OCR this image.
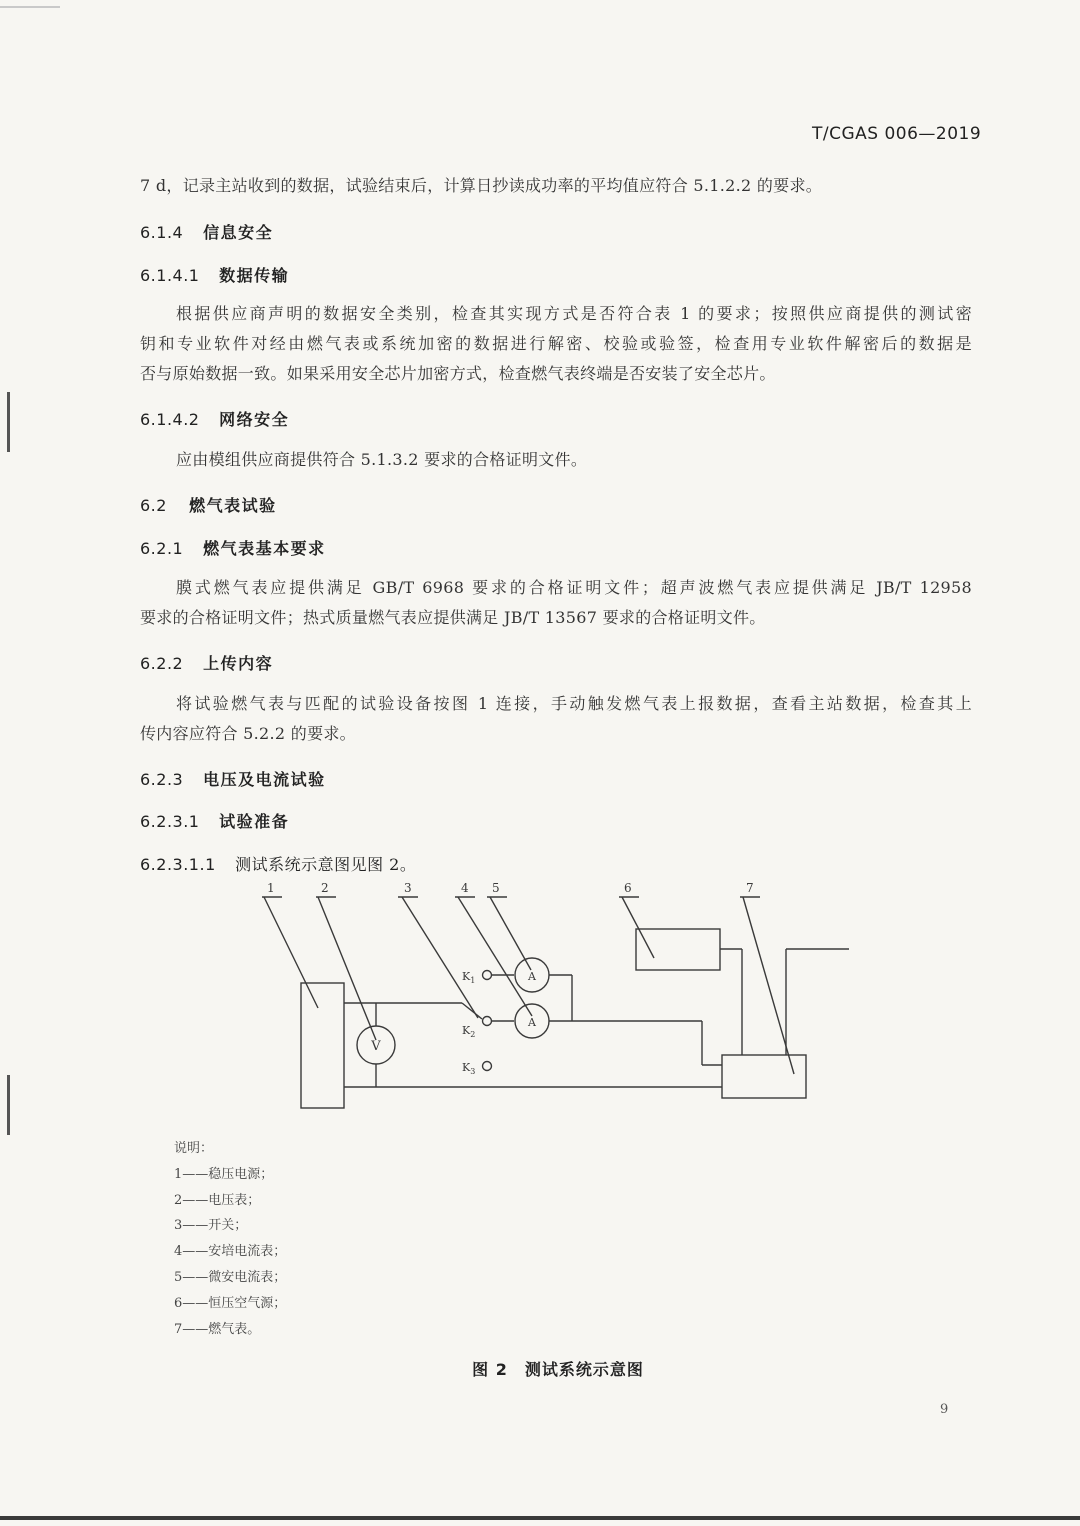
T/CGAS 006—2019
7 d，记录主站收到的数据，试验结束后，计算日抄读成功率的平均值应符合 5.1.2.2 的要求。
6.1.4 信息安全
6.1.4.1 数据传输
根据供应商声明的数据安全类别，检查其实现方式是否符合表 1 的要求；按照供应商提供的测试密
钥和专业软件对经由燃气表或系统加密的数据进行解密、校验或验签，检查用专业软件解密后的数据是
否与原始数据一致。如果采用安全芯片加密方式，检查燃气表终端是否安装了安全芯片。
6.1.4.2 网络安全
应由模组供应商提供符合 5.1.3.2 要求的合格证明文件。
6.2 燃气表试验
6.2.1 燃气表基本要求
膜式燃气表应提供满足 GB/T 6968 要求的合格证明文件；超声波燃气表应提供满足 JB/T 12958
要求的合格证明文件；热式质量燃气表应提供满足 JB/T 13567 要求的合格证明文件。
6.2.2 上传内容
将试验燃气表与匹配的试验设备按图 1 连接，手动触发燃气表上报数据，查看主站数据，检查其上
传内容应符合 5.2.2 的要求。
6.2.3 电压及电流试验
6.2.3.1 试验准备
6.2.3.1.1 测试系统示意图见图 2。
1	2	3	4 5	6	7
V
A
A
$K_1$
$K_2$
$K_3$
说明：
1——稳压电源；
2——电压表；
3——开关；
4——安培电流表；
5——微安电流表；
6——恒压空气源；
7——燃气表。
图 2　测试系统示意图
9
